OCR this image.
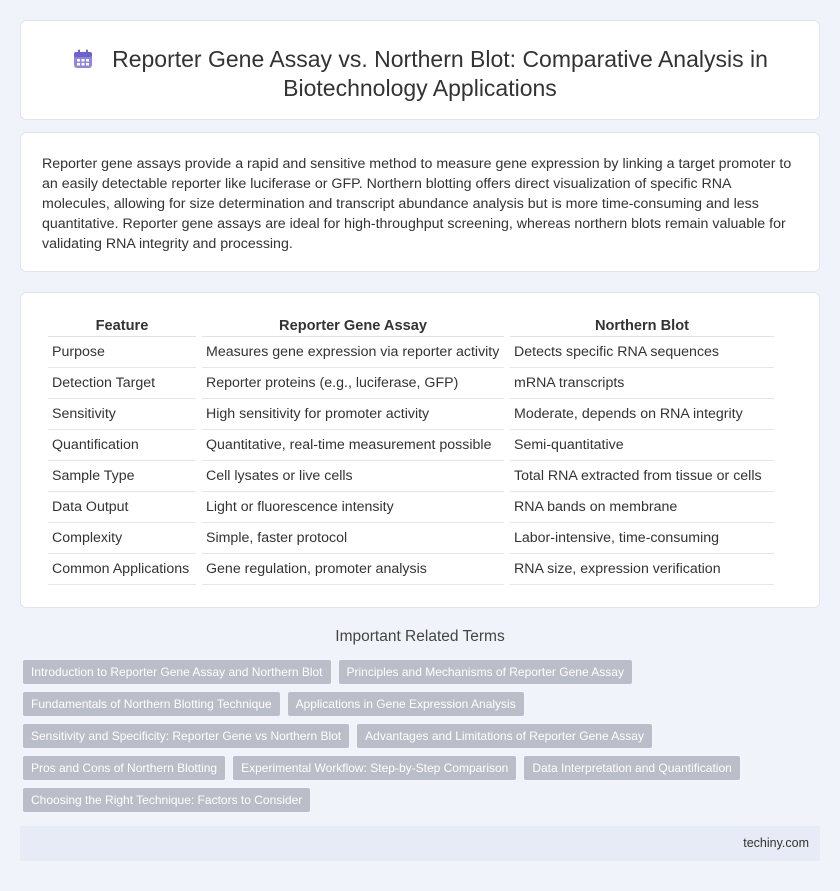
Reporter Gene Assay vs. Northern Blot: Comparative Analysis in
Biotechnology Applications

Reporter gene assays provide a rapid and sensitive method to measure gene expression by linking a target promoter to an easily detectable reporter like luciferase or GFP. Northern blotting offers direct visualization of specific RNA molecules, allowing for size determination and transcript abundance analysis but is more time-consuming and less quantitative. Reporter gene assays are ideal for high-throughput screening, whereas northern blots remain valuable for validating RNA integrity and processing.

Feature	Reporter Gene Assay	Northern Blot
Purpose	Measures gene expression via reporter activity	Detects specific RNA sequences
Detection Target	Reporter proteins (e.g., luciferase, GFP)	mRNA transcripts
Sensitivity	High sensitivity for promoter activity	Moderate, depends on RNA integrity
Quantification	Quantitative, real-time measurement possible	Semi-quantitative
Sample Type	Cell lysates or live cells	Total RNA extracted from tissue or cells
Data Output	Light or fluorescence intensity	RNA bands on membrane
Complexity	Simple, faster protocol	Labor-intensive, time-consuming
Common Applications	Gene regulation, promoter analysis	RNA size, expression verification
Important Related Terms
Introduction to Reporter Gene Assay and Northern Blot	Principles and Mechanisms of Reporter Gene Assay
Fundamentals of Northern Blotting Technique	Applications in Gene Expression Analysis
Sensitivity and Specificity: Reporter Gene vs Northern Blot	Advantages and Limitations of Reporter Gene Assay
Pros and Cons of Northern Blotting	Experimental Workflow: Step-by-Step Comparison	Data Interpretation and Quantification
Choosing the Right Technique: Factors to Consider
techiny.com
